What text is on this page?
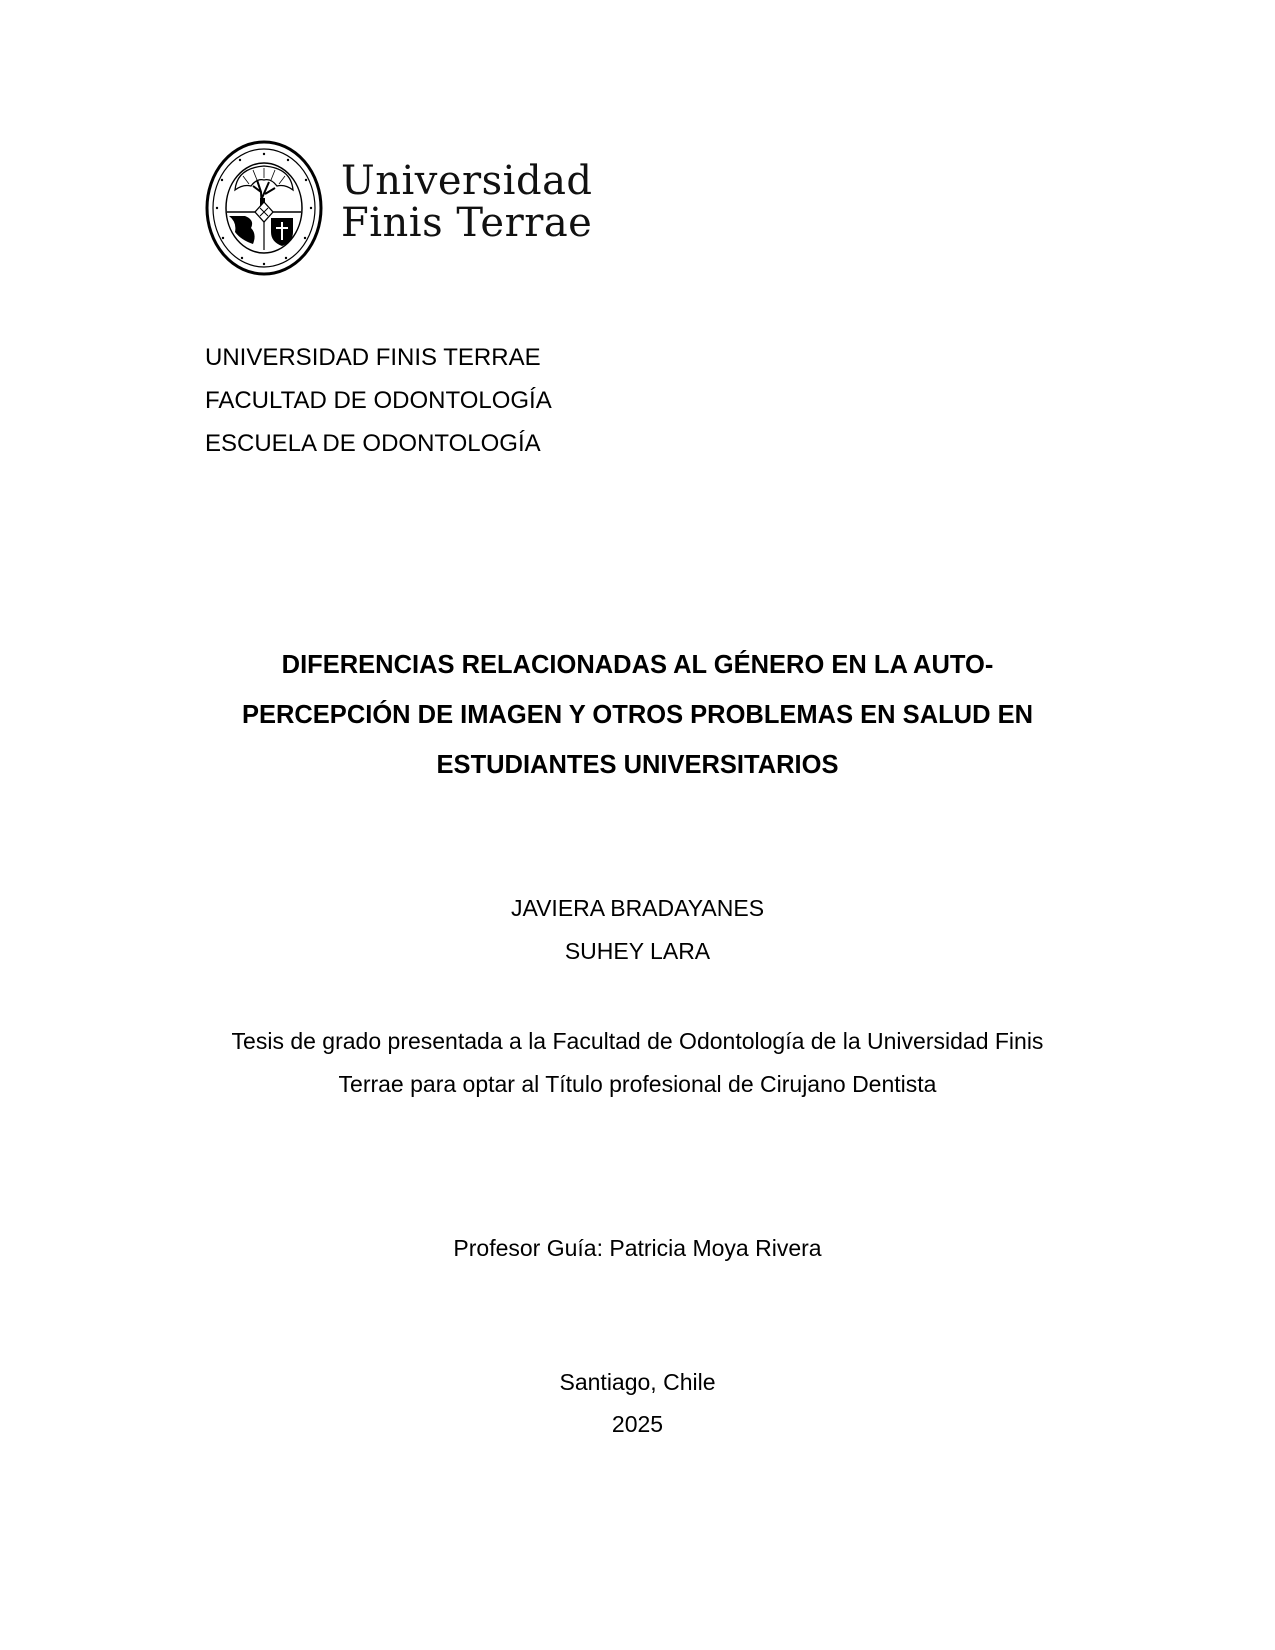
Universidad
Finis Terrae
UNIVERSIDAD FINIS TERRAE
FACULTAD DE ODONTOLOGÍA
ESCUELA DE ODONTOLOGÍA
DIFERENCIAS RELACIONADAS AL GÉNERO EN LA AUTO-
PERCEPCIÓN DE IMAGEN Y OTROS PROBLEMAS EN SALUD EN
ESTUDIANTES UNIVERSITARIOS
JAVIERA BRADAYANES
SUHEY LARA
Tesis de grado presentada a la Facultad de Odontología de la Universidad Finis
Terrae para optar al Título profesional de Cirujano Dentista
Profesor Guía: Patricia Moya Rivera
Santiago, Chile
2025
